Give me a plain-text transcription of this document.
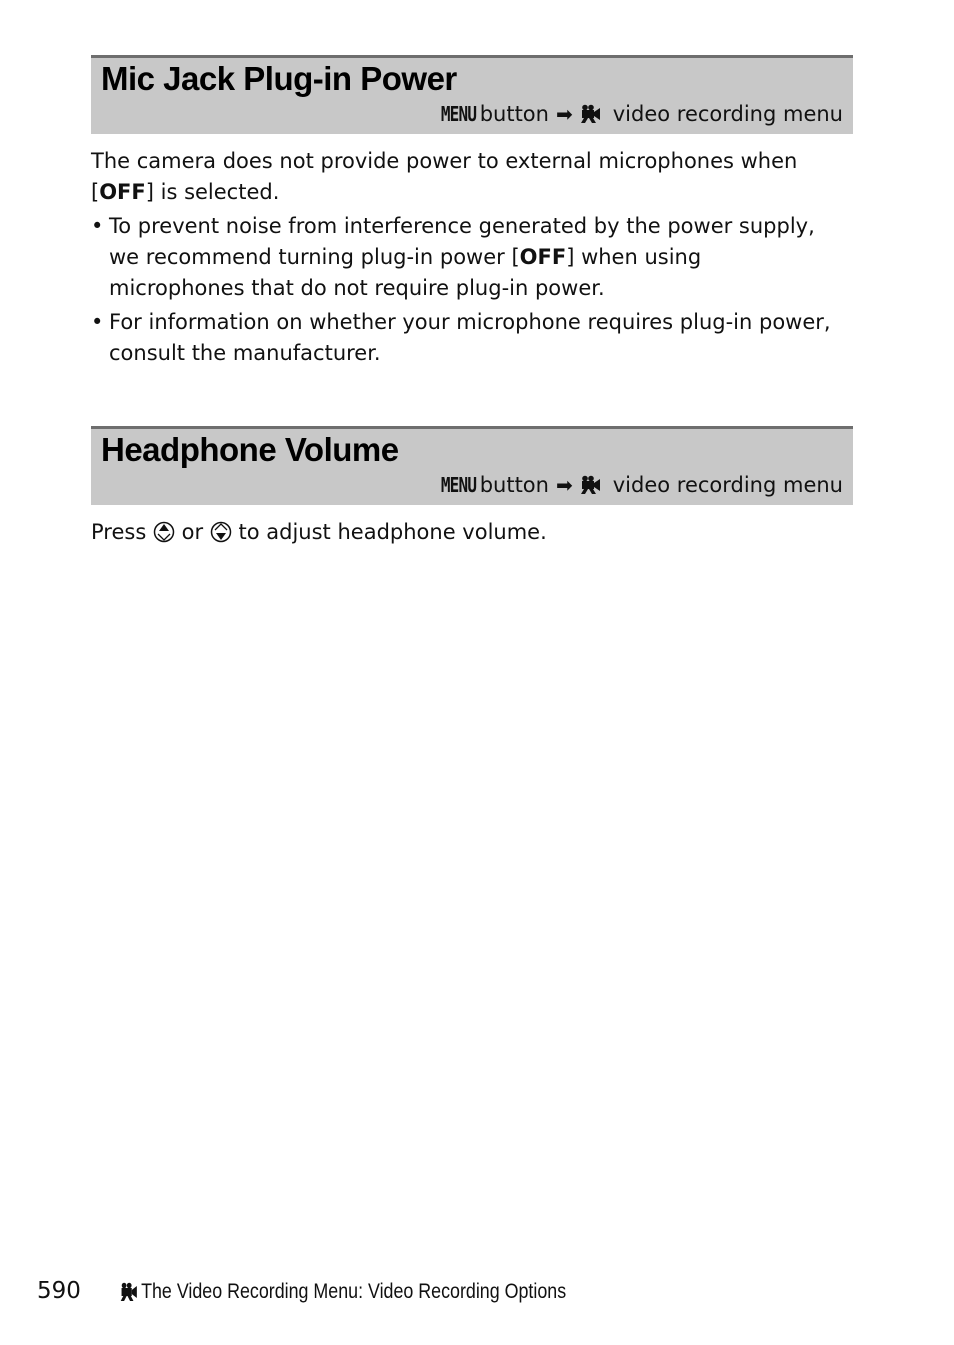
Mic Jack Plug-in Power
MENU button ➡ video recording menu

The camera does not provide power to external microphones when
[OFF] is selected.

• To prevent noise from interference generated by the power supply,
we recommend turning plug-in power [OFF] when using
microphones that do not require plug-in power.
• For information on whether your microphone requires plug-in power,
consult the manufacturer.
Headphone Volume
MENU button ➡ video recording menu

Press or to adjust headphone volume.

590	The Video Recording Menu: Video Recording Options
